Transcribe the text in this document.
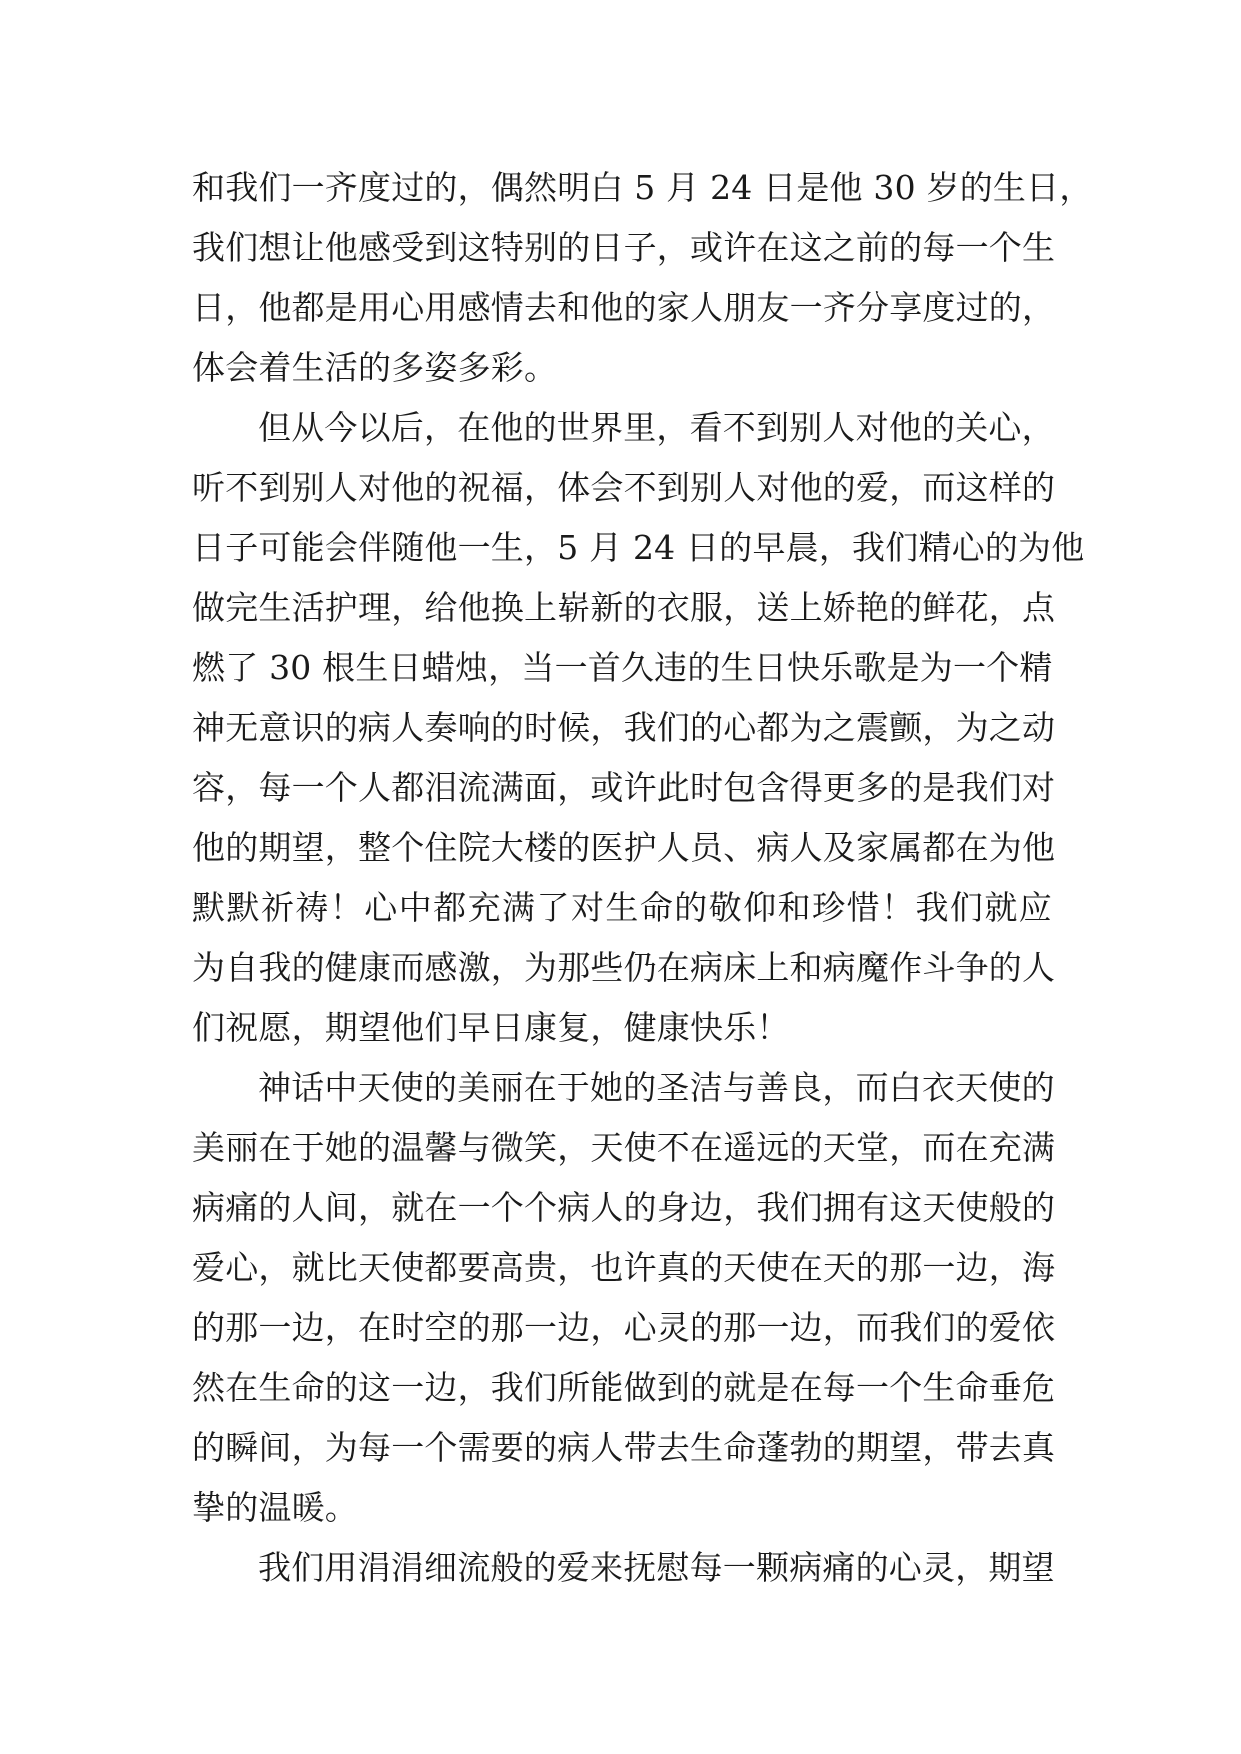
和我们一齐度过的，偶然明白 5 月 24 日是他 30 岁的生日，
我们想让他感受到这特别的日子，或许在这之前的每一个生
日，他都是用心用感情去和他的家人朋友一齐分享度过的，
体会着生活的多姿多彩。
但从今以后，在他的世界里，看不到别人对他的关心，
听不到别人对他的祝福，体会不到别人对他的爱，而这样的
日子可能会伴随他一生，5 月 24 日的早晨，我们精心的为他
做完生活护理，给他换上崭新的衣服，送上娇艳的鲜花，点
燃了 30 根生日蜡烛，当一首久违的生日快乐歌是为一个精
神无意识的病人奏响的时候，我们的心都为之震颤，为之动
容，每一个人都泪流满面，或许此时包含得更多的是我们对
他的期望，整个住院大楼的医护人员、病人及家属都在为他
默默祈祷！心中都充满了对生命的敬仰和珍惜！我们就应
为自我的健康而感激，为那些仍在病床上和病魔作斗争的人
们祝愿，期望他们早日康复，健康快乐！
神话中天使的美丽在于她的圣洁与善良，而白衣天使的
美丽在于她的温馨与微笑，天使不在遥远的天堂，而在充满
病痛的人间，就在一个个病人的身边，我们拥有这天使般的
爱心，就比天使都要高贵，也许真的天使在天的那一边，海
的那一边，在时空的那一边，心灵的那一边，而我们的爱依
然在生命的这一边，我们所能做到的就是在每一个生命垂危
的瞬间，为每一个需要的病人带去生命蓬勃的期望，带去真
挚的温暖。
我们用涓涓细流般的爱来抚慰每一颗病痛的心灵，期望
